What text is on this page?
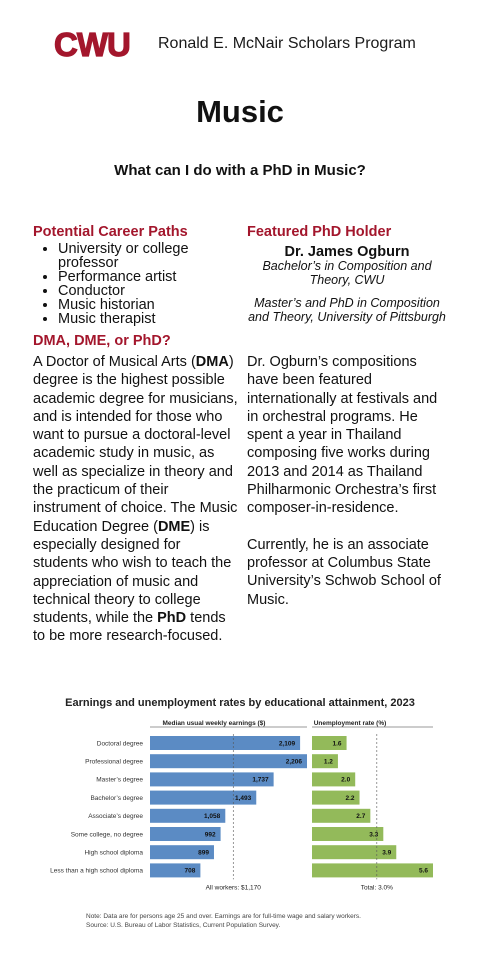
CWU Ronald E. McNair Scholars Program
Music
What can I do with a PhD in Music?
Potential Career Paths
• University or college professor
• Performance artist
• Conductor
• Music historian
• Music therapist
DMA, DME, or PhD?

A Doctor of Musical Arts (DMA) degree is the highest possible academic degree for musicians, and is intended for those who want to pursue a doctoral-level academic study in music, as well as specialize in theory and the practicum of their instrument of choice. The Music Education Degree (DME) is especially designed for students who wish to teach the appreciation of music and technical theory to college students, while the PhD tends to be more research-focused.

Featured PhD Holder
Dr. James Ogburn
Bachelor’s in Composition and Theory, CWU
Master’s and PhD in Composition and Theory, University of Pittsburgh

Dr. Ogburn’s compositions have been featured internationally at festivals and in orchestral programs. He spent a year in Thailand composing five works during 2013 and 2014 as Thailand Philharmonic Orchestra’s first composer-in-residence.

Currently, he is an associate professor at Columbus State University’s Schwob School of Music.

Earnings and unemployment rates by educational attainment, 2023
Median usual weekly earnings ($)
2,109
2,206
1,737
1,493
1,058
992
899
708
All workers: $1,170
Unemployment rate (%)
1.6
1.2
2.0
2.2
2.7
3.3
3.9
5.6
Total: 3.0%
Doctoral degree
Professional degree
Master’s degree
Bachelor’s degree
Associate’s degree
Some college, no degree
High school diploma
Less than a high school diploma
Note: Data are for persons age 25 and over. Earnings are for full-time wage and salary workers.
Source: U.S. Bureau of Labor Statistics, Current Population Survey.
